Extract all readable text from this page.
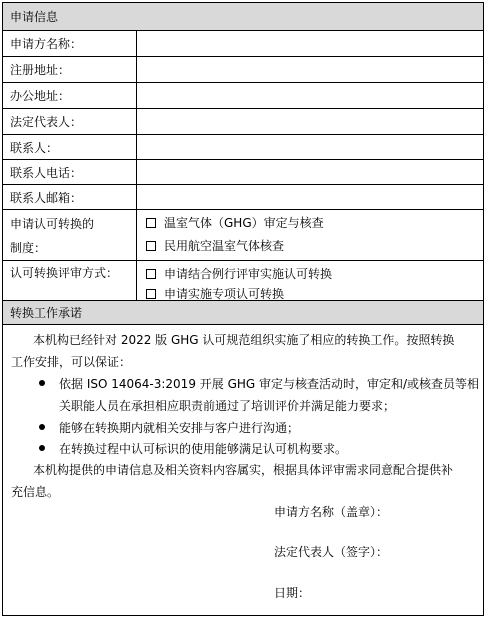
申请信息
申请方名称：
注册地址：
办公地址：
法定代表人：
联系人：
联系人电话：
联系人邮箱：
申请认可转换的
制度：
温室气体（GHG）审定与核查
民用航空温室气体核查
认可转换评审方式：	申请结合例行评审实施认可转换
申请实施专项认可转换
转换工作承诺
本机构已经针对 2022 版 GHG 认可规范组织实施了相应的转换工作。按照转换
工作安排，可以保证：
依据 ISO 14064-3:2019 开展 GHG 审定与核查活动时，审定和/或核查员等相
关职能人员在承担相应职责前通过了培训评价并满足能力要求；
能够在转换期内就相关安排与客户进行沟通；
在转换过程中认可标识的使用能够满足认可机构要求。
本机构提供的申请信息及相关资料内容属实，根据具体评审需求同意配合提供补
充信息。
申请方名称（盖章）：
法定代表人（签字）：
日期：
